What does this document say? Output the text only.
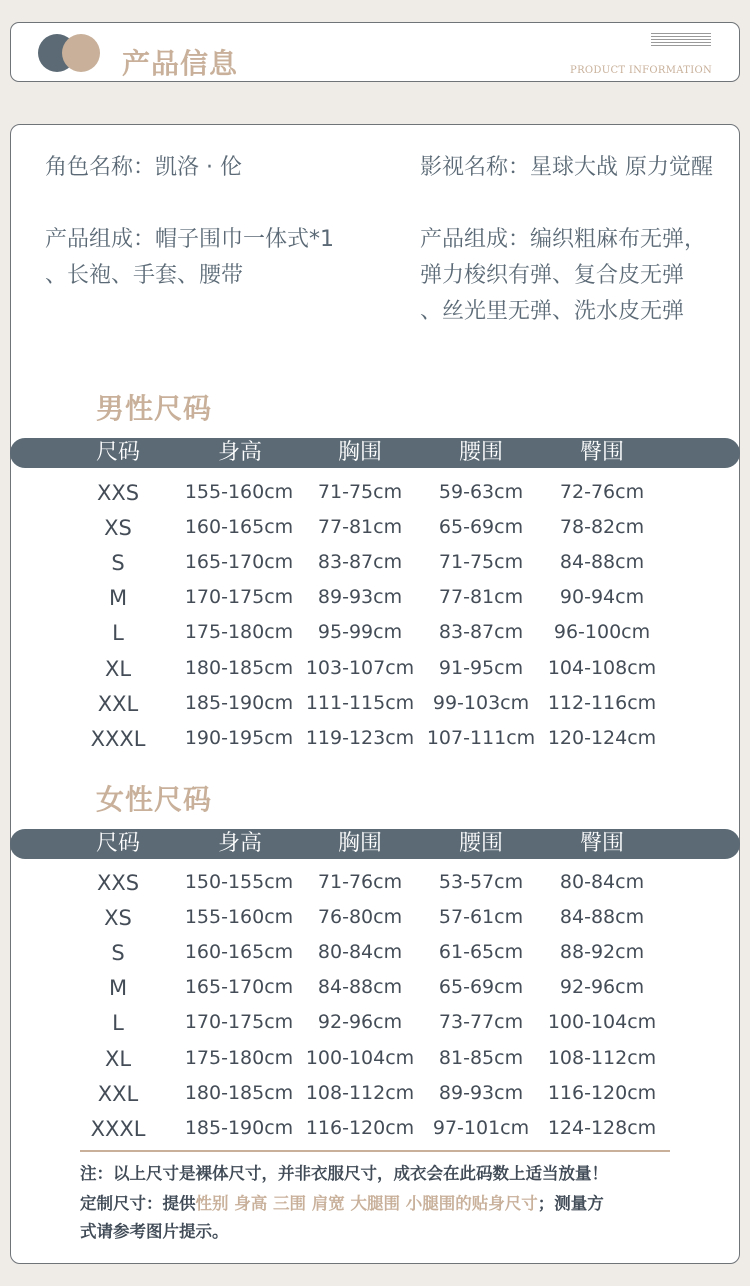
产品信息	PRODUCT INFORMATION
角色名称：凯洛 · 伦	影视名称：星球大战 原力觉醒
产品组成：帽子围巾一体式*1
、长袍、手套、腰带
产品组成：编织粗麻布无弹，
弹力梭织有弹、复合皮无弹
、丝光里无弹、洗水皮无弹
男性尺码
尺码	身高	胸围	腰围	臀围
XXS 155-160cm 71-75cm 59-63cm 72-76cm
XS	160-165cm 77-81cm 65-69cm 78-82cm
S	165-170cm 83-87cm 71-75cm 84-88cm
M	170-175cm 89-93cm 77-81cm 90-94cm
L	175-180cm 95-99cm 83-87cm 96-100cm
XL	180-185cm 103-107cm 91-95cm 104-108cm
XXL 185-190cm 111-115cm 99-103cm 112-116cm
XXXL 190-195cm 119-123cm 107-111cm 120-124cm
女性尺码
尺码	身高	胸围	腰围	臀围
XXS 150-155cm 71-76cm 53-57cm 80-84cm
XS	155-160cm 76-80cm 57-61cm 84-88cm
S	160-165cm 80-84cm 61-65cm 88-92cm
M	165-170cm 84-88cm 65-69cm 92-96cm
L	170-175cm 92-96cm 73-77cm 100-104cm
XL	175-180cm 100-104cm 81-85cm 108-112cm
XXL 180-185cm 108-112cm 89-93cm 116-120cm
XXXL 185-190cm 116-120cm 97-101cm 124-128cm
注：以上尺寸是裸体尺寸，并非衣服尺寸，成衣会在此码数上适当放量！
定制尺寸：提供性别 身高 三围 肩宽 大腿围 小腿围的贴身尺寸；测量方
式请参考图片提示。
